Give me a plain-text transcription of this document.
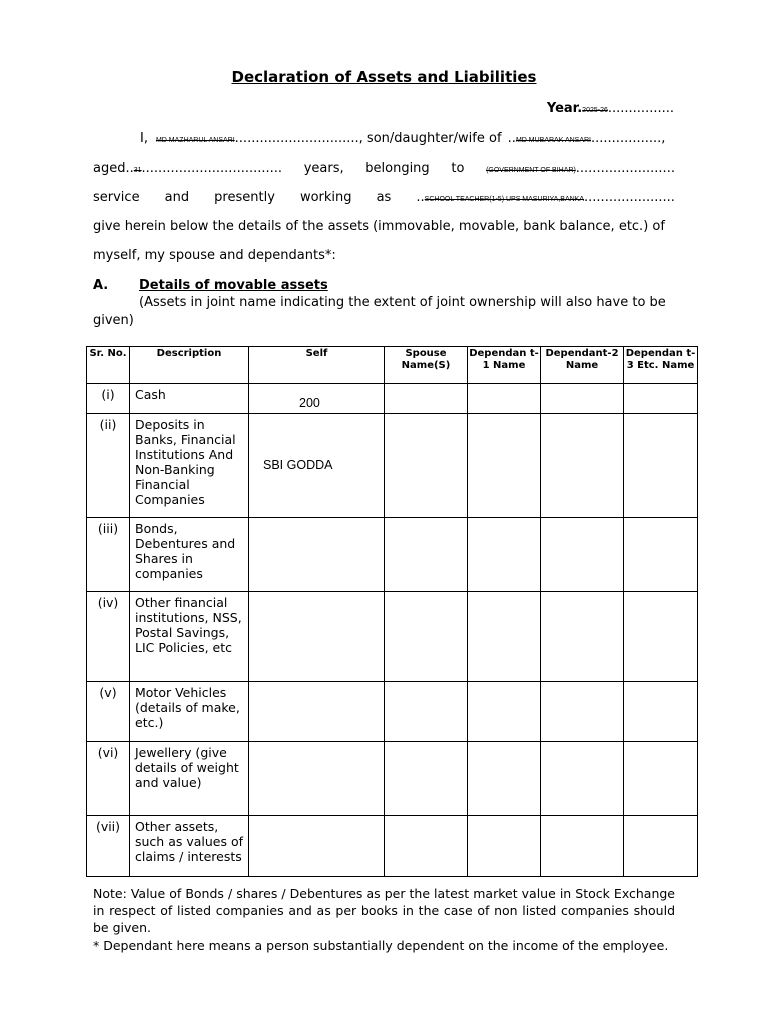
Declaration of Assets and Liabilities
Year.2025-26................
I, MD MAZHARUL ANSARI.............................., son/daughter/wife of ..MD MUBARAK ANSARI.................,
aged..31.................................. years, belonging to	(GOVERNMENT OF BIHAR)........................
service and presently working as ..SCHOOL TEACHER(1-5) UPS MASURIYA,BANKA......................
give herein below the details of the assets (immovable, movable, bank balance, etc.) of
myself, my spouse and dependants*:
A. Details of movable assets
(Assets in joint name indicating the extent of joint ownership will also have to be
given)
Sr. No.	Description	Self	Spouse Name(S)	Dependan t-1 Name	Dependant-2 Name	Dependan t-3 Etc. Name
(i)	Cash	200				
(ii)	Deposits in Banks, Financial Institutions And Non-Banking Financial Companies	SBI GODDA				
(iii)	Bonds, Debentures and Shares in companies					
(iv)	Other financial institutions, NSS, Postal Savings, LIC Policies, etc					
(v)	Motor Vehicles (details of make, etc.)					
(vi)	Jewellery (give details of weight and value)					
(vii)	Other assets, such as values of claims / interests					
Note: Value of Bonds / shares / Debentures as per the latest market value in Stock Exchange in respect of listed companies and as per books in the case of non listed companies should be given.
* Dependant here means a person substantially dependent on the income of the employee.
